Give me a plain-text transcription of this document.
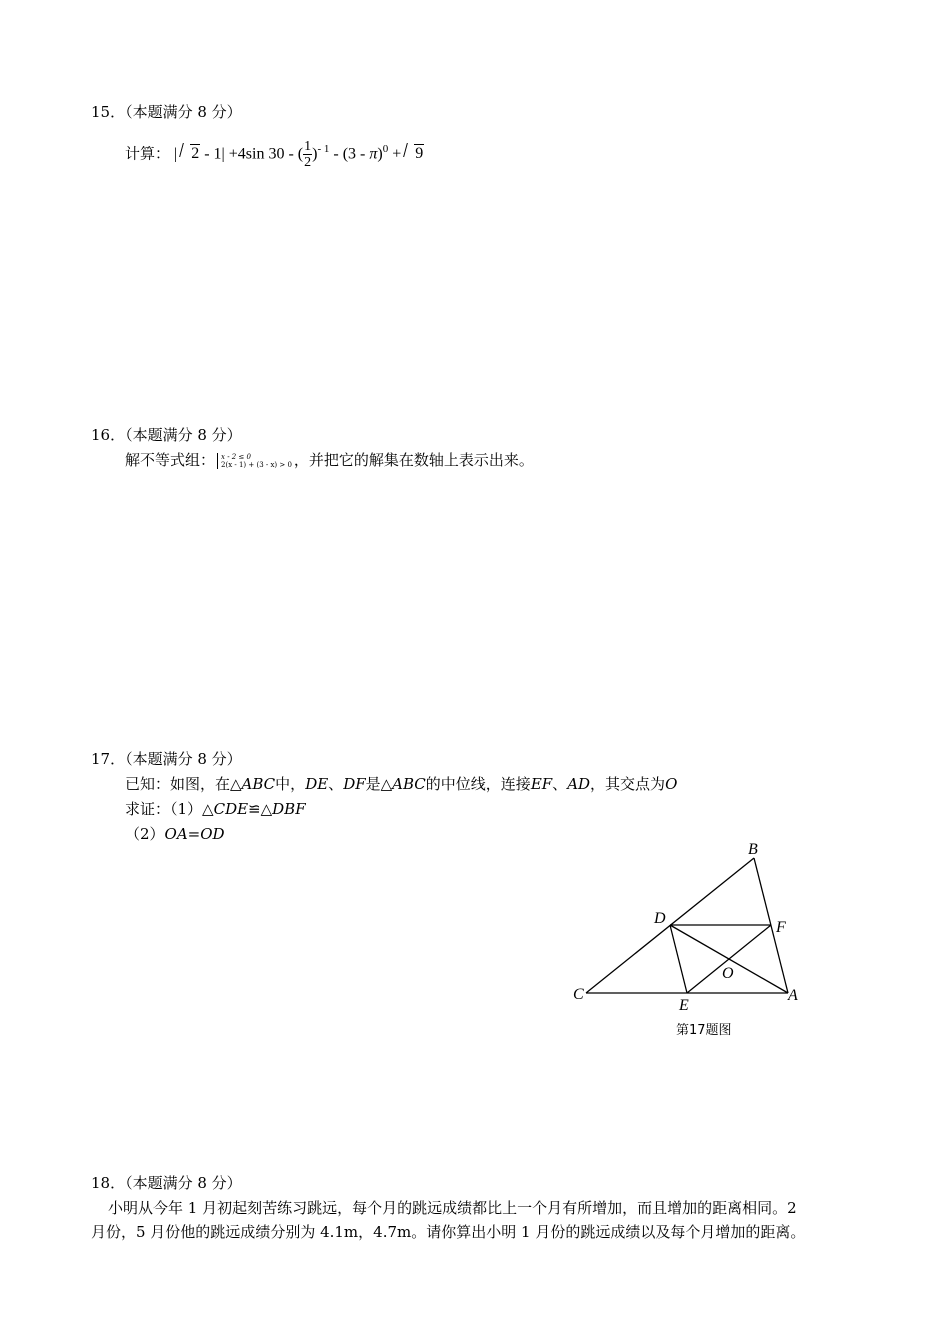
15．（本题满分 8 分）
计算： | 2 - 1| +4sin 30 - ( $\frac{1}{2} )^{- 1} - (3 - \pi)^0 + 9$
16．（本题满分 8 分）
解不等式组： x - 2 ≤ 0
2(x - 1) + (3 - x) > 0 ，并把它的解集在数轴上表示出来。
17．（本题满分 8 分）
已知：如图，在△ABC中，DE、DF是△ABC的中位线，连接EF、AD，其交点为O
求证：（1）△CDE≌△DBF
（2）OA=OD
B
D
F
O
C
E
A
第17题图
18．（本题满分 8 分）

小明从今年 1 月初起刻苦练习跳远，每个月的跳远成绩都比上一个月有所增加，而且增加的距离相同。2

月份，5 月份他的跳远成绩分别为 4.1m，4.7m。请你算出小明 1 月份的跳远成绩以及每个月增加的距离。
